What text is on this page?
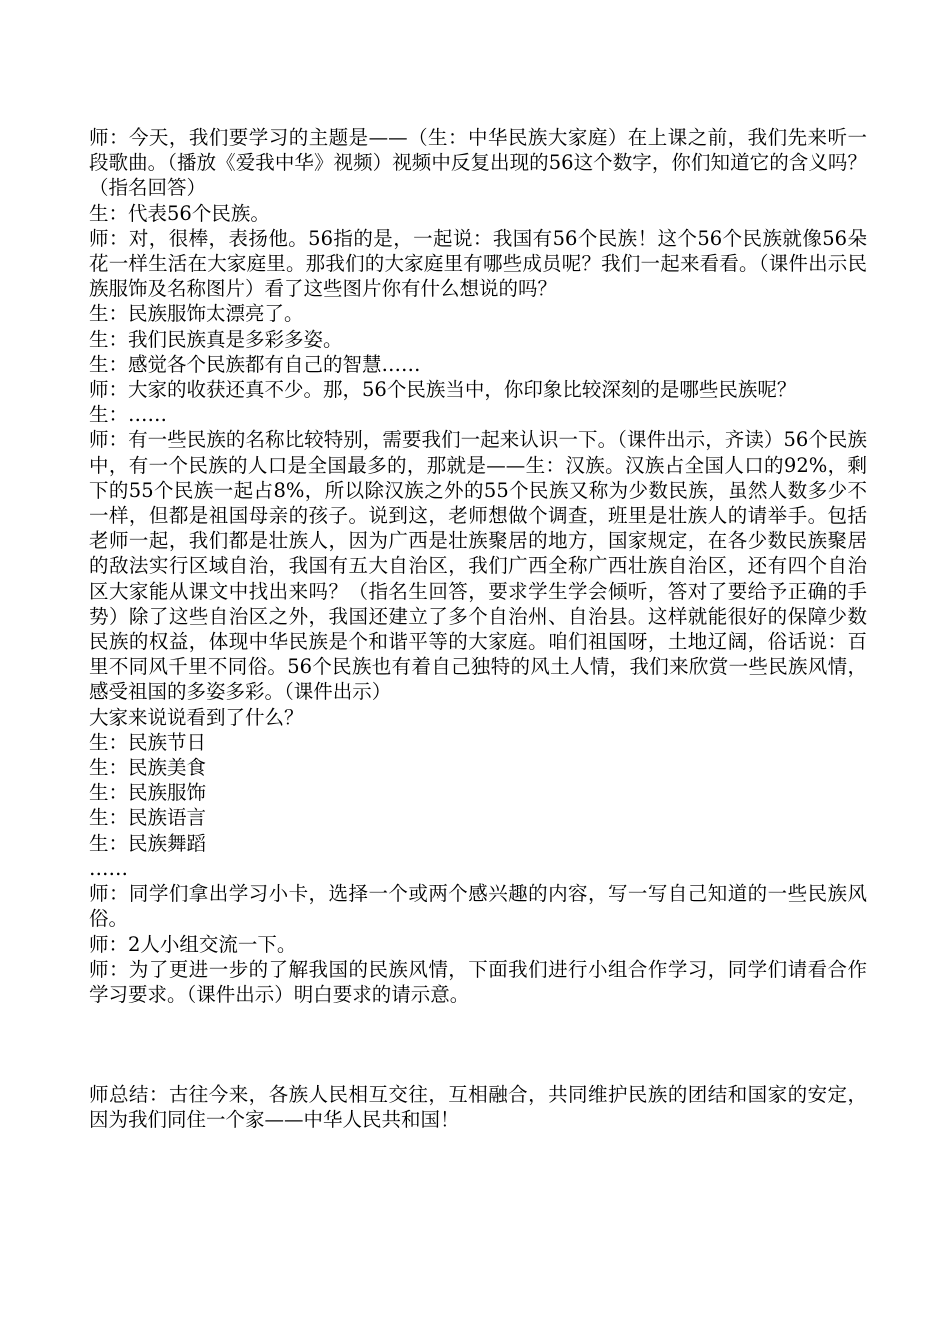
师：今天，我们要学习的主题是——（生：中华民族大家庭）在上课之前，我们先来听一段歌曲。（播放《爱我中华》视频）视频中反复出现的56这个数字，你们知道它的含义吗？（指名回答）

生：代表56个民族。

师：对，很棒，表扬他。56指的是，一起说：我国有56个民族！这个56个民族就像56朵花一样生活在大家庭里。那我们的大家庭里有哪些成员呢？我们一起来看看。（课件出示民族服饰及名称图片）看了这些图片你有什么想说的吗？

生：民族服饰太漂亮了。

生：我们民族真是多彩多姿。

生：感觉各个民族都有自己的智慧……

师：大家的收获还真不少。那，56个民族当中，你印象比较深刻的是哪些民族呢？

生：……

师：有一些民族的名称比较特别，需要我们一起来认识一下。（课件出示，齐读）56个民族中，有一个民族的人口是全国最多的，那就是——生：汉族。汉族占全国人口的92%，剩下的55个民族一起占8%，所以除汉族之外的55个民族又称为少数民族，虽然人数多少不一样，但都是祖国母亲的孩子。说到这，老师想做个调查，班里是壮族人的请举手。包括老师一起，我们都是壮族人，因为广西是壮族聚居的地方，国家规定，在各少数民族聚居的敌法实行区域自治，我国有五大自治区，我们广西全称广西壮族自治区，还有四个自治区大家能从课文中找出来吗？（指名生回答，要求学生学会倾听，答对了要给予正确的手势）除了这些自治区之外，我国还建立了多个自治州、自治县。这样就能很好的保障少数民族的权益，体现中华民族是个和谐平等的大家庭。咱们祖国呀，土地辽阔，俗话说：百里不同风千里不同俗。56个民族也有着自己独特的风土人情，我们来欣赏一些民族风情，感受祖国的多姿多彩。（课件出示）

大家来说说看到了什么？

生：民族节日

生：民族美食

生：民族服饰

生：民族语言

生：民族舞蹈

……

师：同学们拿出学习小卡，选择一个或两个感兴趣的内容，写一写自己知道的一些民族风俗。

师：2人小组交流一下。

师：为了更进一步的了解我国的民族风情，下面我们进行小组合作学习，同学们请看合作学习要求。（课件出示）明白要求的请示意。

师总结：古往今来，各族人民相互交往，互相融合，共同维护民族的团结和国家的安定，因为我们同住一个家——中华人民共和国！
